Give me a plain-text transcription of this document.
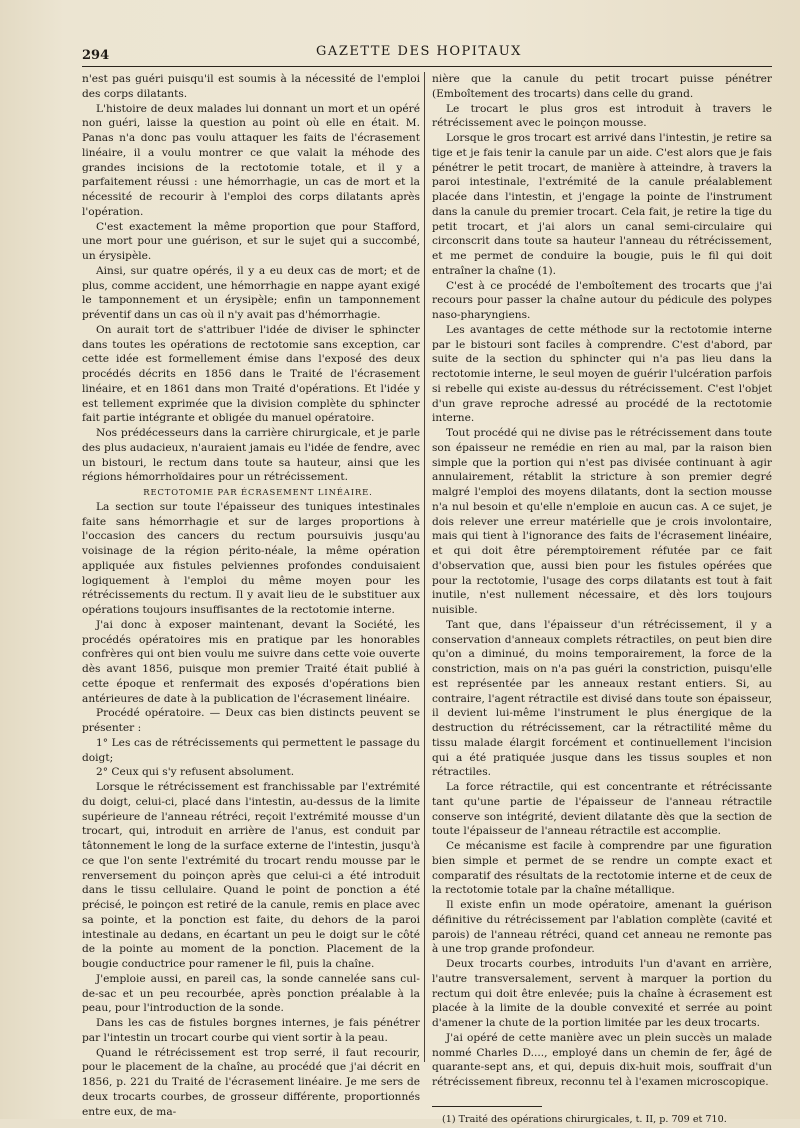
294	GAZETTE DES HOPITAUX

n'est pas guéri puisqu'il est soumis à la nécessité de l'emploi des corps dilatants.

L'histoire de deux malades lui donnant un mort et un opéré non guéri, laisse la question au point où elle en était. M. Panas n'a donc pas voulu attaquer les faits de l'écrasement linéaire, il a voulu montrer ce que valait la méhode des grandes incisions de la rectotomie totale, et il y a parfaitement réussi : une hémorrhagie, un cas de mort et la nécessité de recourir à l'emploi des corps dilatants après l'opération.

C'est exactement la même proportion que pour Stafford, une mort pour une guérison, et sur le sujet qui a succombé, un érysipèle.

Ainsi, sur quatre opérés, il y a eu deux cas de mort; et de plus, comme accident, une hémorrhagie en nappe ayant exigé le tamponnement et un érysipèle; enfin un tamponnement préventif dans un cas où il n'y avait pas d'hémorrhagie.

On aurait tort de s'attribuer l'idée de diviser le sphincter dans toutes les opérations de rectotomie sans exception, car cette idée est formellement émise dans l'exposé des deux procédés décrits en 1856 dans le Traité de l'écrasement linéaire, et en 1861 dans mon Traité d'opérations. Et l'idée y est tellement exprimée que la division complète du sphincter fait partie intégrante et obligée du manuel opératoire.

Nos prédécesseurs dans la carrière chirurgicale, et je parle des plus audacieux, n'auraient jamais eu l'idée de fendre, avec un bistouri, le rectum dans toute sa hauteur, ainsi que les régions hémorrhoïdaires pour un rétrécissement.

RECTOTOMIE PAR ÉCRASEMENT LINÉAIRE.

La section sur toute l'épaisseur des tuniques intestinales faite sans hémorrhagie et sur de larges proportions à l'occasion des cancers du rectum poursuivis jusqu'au voisinage de la région périto-néale, la même opération appliquée aux fistules pelviennes profondes conduisaient logiquement à l'emploi du même moyen pour les rétrécissements du rectum. Il y avait lieu de le substituer aux opérations toujours insuffisantes de la rectotomie interne.

J'ai donc à exposer maintenant, devant la Société, les procédés opératoires mis en pratique par les honorables confrères qui ont bien voulu me suivre dans cette voie ouverte dès avant 1856, puisque mon premier Traité était publié à cette époque et renfermait des exposés d'opérations bien antérieures de date à la publication de l'écrasement linéaire.

Procédé opératoire. — Deux cas bien distincts peuvent se présenter :

1° Les cas de rétrécissements qui permettent le passage du doigt;

2° Ceux qui s'y refusent absolument.

Lorsque le rétrécissement est franchissable par l'extrémité du doigt, celui-ci, placé dans l'intestin, au-dessus de la limite supérieure de l'anneau rétréci, reçoit l'extrémité mousse d'un trocart, qui, introduit en arrière de l'anus, est conduit par tâtonnement le long de la surface externe de l'intestin, jusqu'à ce que l'on sente l'extrémité du trocart rendu mousse par le renversement du poinçon après que celui-ci a été introduit dans le tissu cellulaire. Quand le point de ponction a été précisé, le poinçon est retiré de la canule, remis en place avec sa pointe, et la ponction est faite, du dehors de la paroi intestinale au dedans, en écartant un peu le doigt sur le côté de la pointe au moment de la ponction. Placement de la bougie conductrice pour ramener le fil, puis la chaîne.

J'emploie aussi, en pareil cas, la sonde cannelée sans cul-de-sac et un peu recourbée, après ponction préalable à la peau, pour l'introduction de la sonde.

Dans les cas de fistules borgnes internes, je fais pénétrer par l'intestin un trocart courbe qui vient sortir à la peau.

Quand le rétrécissement est trop serré, il faut recourir, pour le placement de la chaîne, au procédé que j'ai décrit en 1856, p. 221 du Traité de l'écrasement linéaire. Je me sers de deux trocarts courbes, de grosseur différente, proportionnés entre eux, de ma-

nière que la canule du petit trocart puisse pénétrer (Emboîtement des trocarts) dans celle du grand.

Le trocart le plus gros est introduit à travers le rétrécissement avec le poinçon mousse.

Lorsque le gros trocart est arrivé dans l'intestin, je retire sa tige et je fais tenir la canule par un aide. C'est alors que je fais pénétrer le petit trocart, de manière à atteindre, à travers la paroi intestinale, l'extrémité de la canule préalablement placée dans l'intestin, et j'engage la pointe de l'instrument dans la canule du premier trocart. Cela fait, je retire la tige du petit trocart, et j'ai alors un canal semi-circulaire qui circonscrit dans toute sa hauteur l'anneau du rétrécissement, et me permet de conduire la bougie, puis le fil qui doit entraîner la chaîne (1).

C'est à ce procédé de l'emboîtement des trocarts que j'ai recours pour passer la chaîne autour du pédicule des polypes naso-pharyngiens.

Les avantages de cette méthode sur la rectotomie interne par le bistouri sont faciles à comprendre. C'est d'abord, par suite de la section du sphincter qui n'a pas lieu dans la rectotomie interne, le seul moyen de guérir l'ulcération parfois si rebelle qui existe au-dessus du rétrécissement. C'est l'objet d'un grave reproche adressé au procédé de la rectotomie interne.

Tout procédé qui ne divise pas le rétrécissement dans toute son épaisseur ne remédie en rien au mal, par la raison bien simple que la portion qui n'est pas divisée continuant à agir annulairement, rétablit la stricture à son premier degré malgré l'emploi des moyens dilatants, dont la section mousse n'a nul besoin et qu'elle n'emploie en aucun cas. A ce sujet, je dois relever une erreur matérielle que je crois involontaire, mais qui tient à l'ignorance des faits de l'écrasement linéaire, et qui doit être péremptoirement réfutée par ce fait d'observation que, aussi bien pour les fistules opérées que pour la rectotomie, l'usage des corps dilatants est tout à fait inutile, n'est nullement nécessaire, et dès lors toujours nuisible.

Tant que, dans l'épaisseur d'un rétrécissement, il y a conservation d'anneaux complets rétractiles, on peut bien dire qu'on a diminué, du moins temporairement, la force de la constriction, mais on n'a pas guéri la constriction, puisqu'elle est représentée par les anneaux restant entiers. Si, au contraire, l'agent rétractile est divisé dans toute son épaisseur, il devient lui-même l'instrument le plus énergique de la destruction du rétrécissement, car la rétractilité même du tissu malade élargit forcément et continuellement l'incision qui a été pratiquée jusque dans les tissus souples et non rétractiles.

La force rétractile, qui est concentrante et rétrécissante tant qu'une partie de l'épaisseur de l'anneau rétractile conserve son intégrité, devient dilatante dès que la section de toute l'épaisseur de l'anneau rétractile est accomplie.

Ce mécanisme est facile à comprendre par une figuration bien simple et permet de se rendre un compte exact et comparatif des résultats de la rectotomie interne et de ceux de la rectotomie totale par la chaîne métallique.

Il existe enfin un mode opératoire, amenant la guérison définitive du rétrécissement par l'ablation complète (cavité et parois) de l'anneau rétréci, quand cet anneau ne remonte pas à une trop grande profondeur.

Deux trocarts courbes, introduits l'un d'avant en arrière, l'autre transversalement, servent à marquer la portion du rectum qui doit être enlevée; puis la chaîne à écrasement est placée à la limite de la double convexité et serrée au point d'amener la chute de la portion limitée par les deux trocarts.

J'ai opéré de cette manière avec un plein succès un malade nommé Charles D...., employé dans un chemin de fer, âgé de quarante-sept ans, et qui, depuis dix-huit mois, souffrait d'un rétrécissement fibreux, reconnu tel à l'examen microscopique.

(1) Traité des opérations chirurgicales, t. II, p. 709 et 710.
